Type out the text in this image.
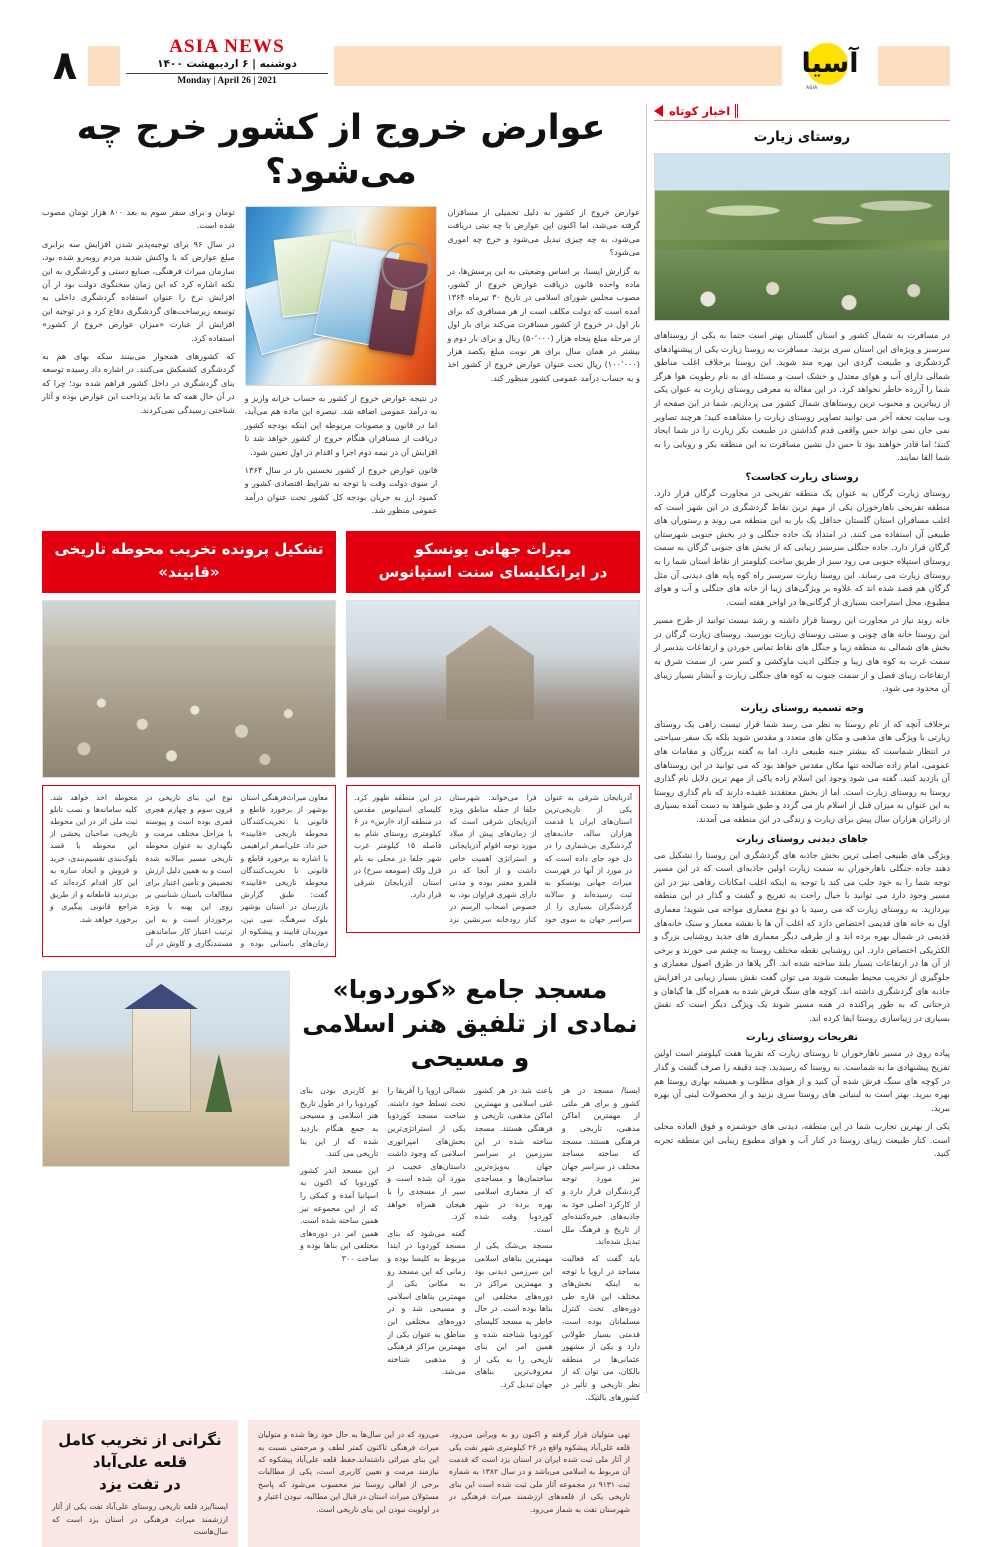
آسیا
ASIA
ASIA NEWS
دوشنبه | ۶ اردیبهشت ۱۴۰۰
Monday | April 26 | 2021
۸
اخبار کوتاه
روستای زیارت

در مسافرت به شمال کشور و استان گلستان بهتر است حتما به یکی از روستاهای سرسبز و ویژه‌ای این استان سری بزنید. مسافرت به روستا زیارت یکی از پیشنهادهای گردشگری و طبیعت گردی این بهره مند شوید. این روستا برخلاف اغلب مناطق شمالی دارای آب و هوای معتدل و خشک است و مسئله ای به نام رطوبت هوا هرگز شما را آزرده خاطر نخواهد کرد. در این مقاله به معرفی روستای زیارت به عنوان یکی از زیباترین و محبوب ترین روستاهای شمال کشور می پردازیم. شما در این صفحه از وب سایت تحفه آخر می توانید تصاویر روستای زیارت را مشاهده کنید؛ هرچند تصاویر نمی جان نمی تواند حس واقعی قدم گذاشتن در طبیعت بکر زیارت را در شما ایجاد کنند؛ اما قادر خواهند بود تا حس دل نشین مسافرت به این منطقه بکر و رویایی را به شما القا نمایند.

روستای زیارت کجاست؟

روستای زیارت گرگان به عنوان یک منطقه تفریحی در مجاورت گرگان قرار دارد. منطقه تفریحی ناهارخوران یکی از مهم ترین نقاط گردشگری در این شهر است که اغلب مسافران استان گلستان حداقل یک بار به این منطقه می روند و رستوران های طبیعی آن استفاده می کنند. در امتداد یک جاده جنگلی و در بخش جنوبی شهرستان گرگان قرار دارد. جاده جنگلی سرسبز زیبایی که از بخش های جنوبی گرگان به سمت روستای استپلاه جنوبی می رود سبز از طریق ساخت کیلومتر از نقاط استان شما را به روستای زیارت می رساند. این روستا زیارت سرسبز راه کوه پایه های دیدنی آن مثل گرگان هم قصد شده اند که علاوه بر ویژگی‌های زیبا از خانه های جنگلی و آب و هوای مطبوع، محل استراحت بسیاری از گرگانی‌ها در اواخر هفته است.

خانه روند نیاز در مجاورت این روستا قرار داشته و رشد نیست توانید از طرح مسیر این روستا خانه های چوبی و سنتی روستای زیارت بورسید. روستای زیارت گرگان در بخش های شمالی به منطقه زیبا و جنگل های نقاط تماس خوردن و ارتفاعات بندسر از سمت غرب به کوه های زیبا و جنگلی ادیب ماوکشی و کسر سر، از سمت شرق به ارتفاعات زیبای فصل و از سمت جنوب به کوه های جنگلی زیارت و آبشار بسیار زیبای آن محدود می شود.

وجه تسمیه روستای زیارت

برخلاف آنچه که از نام روستا به نظر می رسد شما قرار نیست راهی یک روستای زیارتی با ویژگی های مذهبی و مکان های متعدد و مقدس شوید بلکه یک سفر سیاحتی در انتظار شماست که بیشتر جنبه طبیعی دارد. اما به گفته بزرگان و مقامات های عمومی، امام زاده صالحه تنها مکان مقدس خواهد بود که می توانید در این روستاهای آن بازدید کنید. گفته می شود وجود این اسلام زاده پاکی از مهم ترین دلایل نام گذاری روستا به روستای زیارت است. اما از بخش معتقدند عقیده دارند که نام گذاری روستا به این عنوان به میزان قبل از اسلام باز می گردد و طبق شواهد به دست آمده بسیاری از زائران هزاران سال پیش برای زیارت و زندگی در این منطقه می آمدند.

جاهای دیدنی روستای زیارت

ویژگی های طبیعی اصلی ترین بخش جاذبه های گردشگری این روستا را تشکیل می دهند جاده جنگلی ناهارخوران به سمت زیارت اولین جاذبه‌ای است که در این مسیر توجه شما را به خود جلب می کند با توجه به اینکه اغلب امکانات رفاهی نیز در این مسیر وجود دارد می توانید با خیال راحت به تفریح و گشت و گذار در این منطقه بپردازید. به روستای زیارت که می رسید با دو نوع معماری مواجه می شوید؛ معماری اول به خانه های قدیمی اختصاص دارد که اغلب آن ها با نقشه معمار و سبک خانه‌های قدیمی در شمال بهره برده اند و از طرفی دیگر معماری های جدید روشنایی بزرگ و الکتریکی اختصاص دارد. این روشنایی نقطه مختلف روستا به چشم می خورند و برخی از آن ها در ارتفاعات بسیار بلند ساخته شده اند. اگر پلاها در طرق اصول معماری و جلوگیری از تخریب محیط طبیعت شوند می توان گفت نقش بسیار زیبایی در افزایش جاذبه های گردشگری داشته اند. کوچه های سنگ فرش شده به همراه گل ها گیاهان و درختانی که به طور پراکنده در همه مسیر شوند یک ویژگی دیگر است که نقش بسیاری در زیباسازی روستا ایفا کرده اند.

تفریحات روستای زیارت

پیاده روی در مسیر ناهارخوران تا روستای زیارت که تقریبا هفت کیلومتر است اولین تفریح پیشنهادی ما به شماست. به روستا که رسیدید، چند دقیقه را صرف گشت و گذار در کوچه های سنگ فرش شده آن کنید و از هوای مطلوب و همیشه بهاری روستا هم بهره ببرید. بهتر است به لبنیاتی های روستا سری بزنید و از محصولات لبنی آن بهره ببرید.

یکی از بهترین تجارب شما در این منطقه، دیدنی های خوشمزه و فوق العاده محلی است. کنار طبیعت زیبای روستا در کنار آب و هوای مطبوع زیبایی این منطقه تجربه کنید.

عوارض خروج از کشور خرج چه می‌شود؟

عوارض خروج از کشور به دلیل تحمیلی از مسافران گرفته می‌شد، اما اکنون این عوارض با چه نیتی دریافت می‌شود، به چه چیزی تبدیل می‌شود و خرج چه اموری می‌شود؟

به گزارش ایسنا، بر اساس وضعیتی به این پرسش‌ها، در ماده واحده قانون دریافت عوارض خروج از کشور، مصوب مجلس شورای اسلامی در تاریخ ۳۰ تیرماه ۱۳۶۴ آمده است که دولت مکلف است از هر مسافری که برای بار اول در خروج از کشور مسافرت می‌کند برای بار اول از مرحله مبلغ پنجاه هزار (۵۰٬۰۰۰) ریال و برای بار دوم و بیشتر در همان سال برای هر نوبت مبلغ یکصد هزار (۱۰۰٬۰۰۰) ریال تحت عنوان عوارض خروج از کشور اخذ و به حساب درآمد عمومی کشور منظور کند.

در نتیجه عوارض خروج از کشور به حساب خزانه واریز و به درآمد عمومی اضافه شد. تبصره این ماده هم می‌آید، اما در قانون و مصوبات مربوطه این اینکه بودجه کشور دریافت از مسافران هنگام خروج از کشور خواهد شد تا افزایش آن در نیمه دوم اجرا و اقدام در اول تعیین شود.

قانون عوارض خروج از کشور نخستین بار در سال ۱۳۶۴ از سوی دولت وقت با توجه به شرایط اقتصادی کشور و کمبود ارز به جریان بودجه کل کشور تحت عنوان درآمد عمومی منظور شد.

تومان و برای سفر سوم به بعد ۸۰۰ هزار تومان مصوب شده است.

در سال ۹۶ برای توجیه‌پذیر شدن افزایش سه برابری مبلغ عوارض که با واکنش شدید مردم روبه‌رو شده بود، سازمان میراث فرهنگی، صنایع دستی و گردشگری به این نکته اشاره کرد که این زمان سخنگوی دولت بود از آن افزایش نرخ را عنوان استفاده گردشگری داخلی به توسعه زیرساخت‌های گردشگری دفاع کرد و در توجیه این افزایش از عبارت «میزان عوارض خروج از کشور» استفاده کرد.

که کشورهای همجوار می‌بینند سکه بهای هم به گردشگری کشمکش می‌کنند. در اشاره داد رسیده توسعه بنای گردشگری در داخل کشور فراهم شده بود؛ چرا که در آن حال همه که ما باید پرداخت این عوارض بوده و آثار شناختی رسیدگی نمی‌کردند.

میراث جهانی یونسکو
در ایرانکلیسای سنت استپانوس

آذربایجان شرقی به عنوان یکی از تاریخی‌ترین استان‌های ایران با قدمت هزاران ساله، جاذبه‌های گردشگری بی‌شماری را در دل خود جای داده است که در مورد از آنها در فهرست میراث جهانی یونسکو به ثبت رسیده‌اند و سالانه گردشگران بسیاری را از سراسر جهان به سوی خود فرا می‌خواند. شهرستان جلفا از جمله مناطق ویژه آذربایجان شرقی است که از زمان‌های پیش از میلاد مورد توجه اقوام آذربایجانی و استراتژی اهمیت خاص داشت و از آنجا که در قلمرو معتبر بوده و مدتی دارای شهری فراوان بود، به خصوص اصحاب الرسم در کنار رودخانه سرنشین نزد در این منطقه ظهور کرد. کلیسای استپانوس مقدس در منطقه آزاد «ارس» در ۶ کیلومتری روستای شام به فاصله ۱۵ کیلومتر غرب شهر جلفا در محلی به نام قزل ولک (صومعه سرخ) در استان آذربایجان شرقی قرار دارد.

تشکیل پرونده تخریب محوطه تاریخی
«قابیند»

معاون میراث‌فرهنگی استان بوشهر از برخورد قاطع و قانونی با تخریب‌کنندگان محوطه تاریخی «قابیند» خبر داد. علی‌اصغر ابراهیمی با اشاره به برخورد قاطع و قانونی با تخریب‌کنندگان محوطه تاریخی «قابیند» گفت: طبق گزارش بازرسان در استان بوشهر بلوک سرهنگ، سی تپن، موریدان قابیند و پیشکوه از زمان‌های باستانی بوده و نوع این بنای تاریخی در قرون سوم و چهارم هجری قمری بوده است و پیوسته با مراحل مختلف مرمت و نگهداری به عنوان محوطه تاریخی مسیر سالانه شده است و به همین دلیل ارزش تخصیص و تأمین اعتبار برای مطالعات باستان شناسی بر روی این پهنه با ویژه برخوردار است و به این ترتیب اعتبار کار ساماندهی مستندنگاری و کاوش در آن محوطه اخذ خواهد شد. کلیه سامانه‌ها و نصب تابلو ثبت ملی اثر در این محوطه تاریخی، صاحبان بخشی از این محوطه با قصد بلوک‌بندی تقسیم‌بندی، خرید و فروش و ایجاد سازه به این کار اقدام کرده‌اند که بی‌تردید قاطعانه و از طریق مراجع قانونی پیگیری و برخورد خواهد شد.

مسجد جامع «کوردوبا»
نمادی از تلفیق هنر اسلامی و مسیحی

ایسنا/ مسجد در هر کشور و برای هر ملتی از مهمترین اماکن مذهبی، تاریخی و فرهنگی هستند. مسجد که ساخته مساجد مختلف در سراسر جهان نیز مورد توجه گردشگران قرار دارد و از کارکرد اصلی خود به جاذبه‌های خیره‌کننده‌ای از تاریخ و فرهنگ ملل تبدیل شده‌اند.

باید گفت که فعالیت مساجد در اروپا با توجه به اینکه بخش‌های مختلف این قاره طی دوره‌های تحت کنترل مسلمانان بوده است، قدمتی بسیار طولانی دارد و یکی از مشهور عثمانی‌ها در منطقه بالکان، می توان که از نظر تاریخی و تأثیر در کشورهای بالتیک.

باعث شد در هر کشور غنی اسلامی و مهمترین اماکن مذهبی، تاریخی و فرهنگی هستند. مسجد ساخته شده در این سرزمین در سراسر جهان به‌ویژه‌ترین ساختمان‌ها و مساجدی که از معماری اسلامی بهره برده در شهر کوردوبا وقت شده است.

مسجد بی‌شک یکی از مهمترین بناهای اسلامی این سرزمین دیدنی بود و مهمترین مراکز در دوره‌های مختلفی این بناها بوده است. در حال خاطر به مسجد کلیسای کوردوبا شناخته شده و همین امر این بنای تاریخی را به یکی از معروف‌ترین بناهای جهان تبدیل کرد.

شمالی اروپا را آفریقا را تحت تسلط خود داشته. ساخت مسجد کوردوبا یکی از استراتژی‌ترین بخش‌های امپراتوری اسلامی که وجود داشت داستان‌های عجیب در مورد آن شده است و سیر از مسجدی را با هیجان همراه خواهد کرد.

گفته می‌شود که بنای مسجد کوردوبا در ابتدا مربوط به کلیسا بوده و زمانی که این مسجد رو به مکانی یکی از مهمترین بناهای اسلامی و مسیحی شد و در دوره‌های مختلفی این مناطق به عنوان یکی از مهمترین مراکز فرهنگی و مذهبی شناخته می‌شد.

نو کاربری بودن بنای کوردوبا را در طول تاریخ هنر اسلامی و مسیحی به جمع هنگام بازدید شده که از این بنا تاریخی می کنند.

این مسجد اندر کشور کوردوبا که اکنون به اسپانیا آمده و کمکی را که از این مجموعه نیز همین ساخته شده است. همین امر در دوره‌های مختلفی این بناها بوده و ساخت ۳۰۰

تهی متولیان قرار گرفته و اکنون رو به ویرانی می‌رود. قلعه علی‌آباد پیشکوه واقع در ۲۶ کیلومتری شهر تفت یکی از آثار ملی ثبت شده ایران در استان یزد است که قدمت آن مربوط به اسلامی می‌باشد و در سال ۱۳۸۲ به شماره ثبت ۹۱۳۱ در مجموعه آثار ملی ثبت شده است این بنای تاریخی یکی از قلعه‌های ارزشمند میراث فرهنگی در شهرستان تفت به شمار می‌رود.

می‌رود که در این سال‌ها به حال خود رها شده و متولیان میراث فرهنگی تاکنون کمتر لطف و مرحمتی نسبت به این بنای میراثی داشته‌اند.حفظ قلعه علی‌آباد پیشکوه که نیازمند مرمت و تعیین کاربری است، یکی از مطالبات برخی از اهالی روستا نیز محسوب می‌شود که پاسخ مسئولان میراث استان در قبال این مطالبه، نبودن اعتبار و در اولویت نبودن این بنای تاریخی است.

نگرانی از تخریب کامل قلعه علی‌آباد
در تفت یزد

ایسنا/یزد قلعه تاریخی روستای علی‌آباد تفت یکی از آثار ارزشمند میراث فرهنگی در استان یزد است که سال‌هاست
